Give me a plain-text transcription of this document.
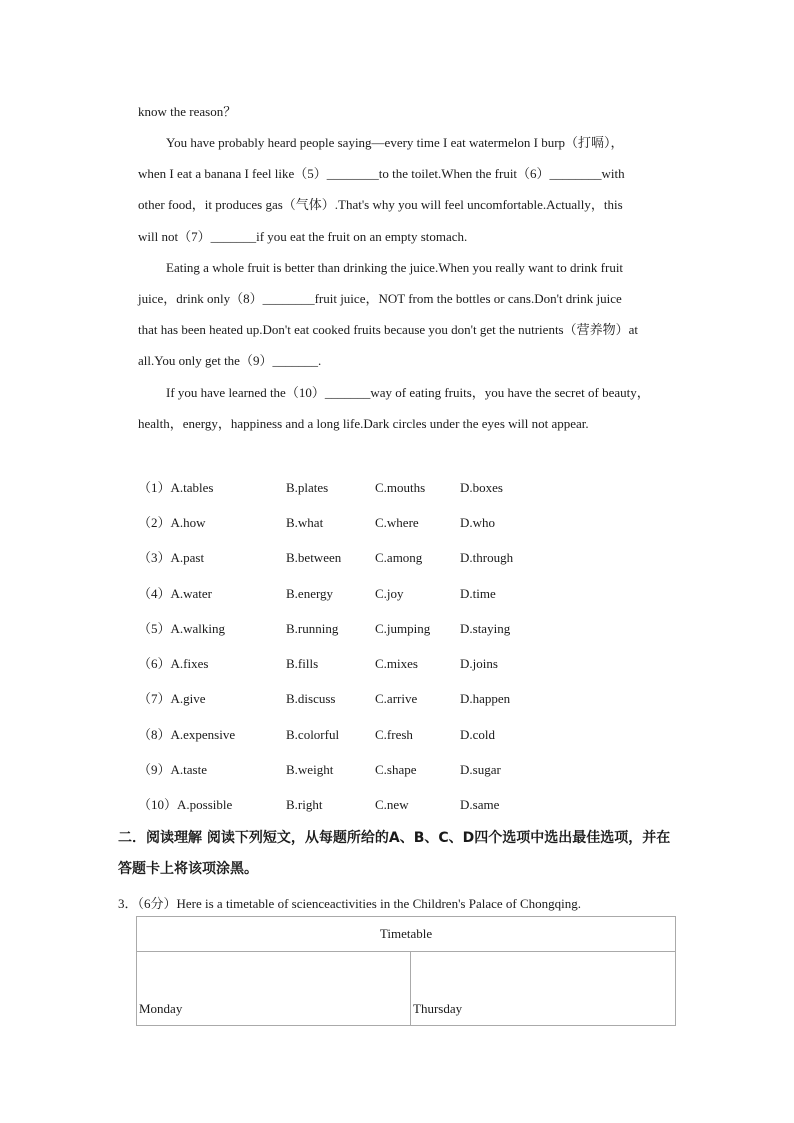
know the reason？
You have probably heard people saying—every time I eat watermelon I burp（打嗝），
when I eat a banana I feel like（5）________to the toilet.When the fruit（6）________with
other food，it produces gas（气体）.That's why you will feel uncomfortable.Actually，this
will not（7）_______if you eat the fruit on an empty stomach.
Eating a whole fruit is better than drinking the juice.When you really want to drink fruit
juice，drink only（8）________fruit juice，NOT from the bottles or cans.Don't drink juice
that has been heated up.Don't eat cooked fruits because you don't get the nutrients（营养物）at
all.You only get the（9）_______.
If you have learned the（10）_______way of eating fruits，you have the secret of beauty，
health，energy，happiness and a long life.Dark circles under the eyes will not appear.
（1）A.tables	B.plates	C.mouths	D.boxes
（2）A.how	B.what	C.where	D.who
（3）A.past	B.between	C.among	D.through
（4）A.water	B.energy	C.joy	D.time
（5）A.walking	B.running	C.jumping D.staying
（6）A.fixes	B.fills	C.mixes	D.joins
（7）A.give	B.discuss	C.arrive	D.happen
（8）A.expensive	B.colorful	C.fresh	D.cold
（9）A.taste	B.weight	C.shape	D.sugar
（10）A.possible	B.right	C.new	D.same
二．阅读理解 阅读下列短文，从每题所给的A、B、C、D四个选项中选出最佳选项，并在
答题卡上将该项涂黑。
3．（6分）Here is a timetable of scienceactivities in the Children's Palace of Chongqing.
Timetable
Monday	Thursday
